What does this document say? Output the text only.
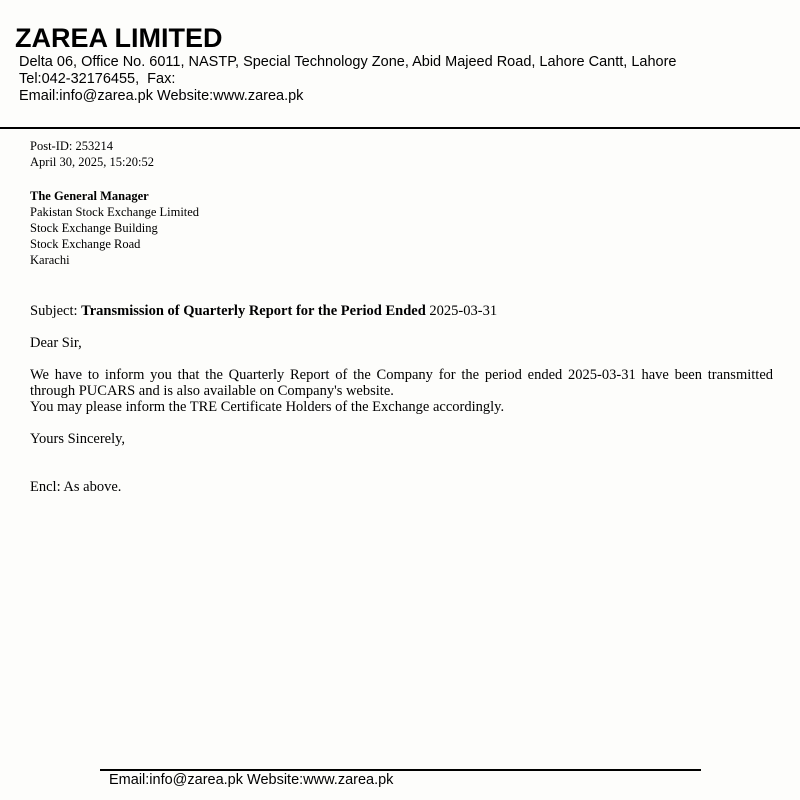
ZAREA LIMITED
Delta 06, Office No. 6011, NASTP, Special Technology Zone, Abid Majeed Road, Lahore Cantt, Lahore
Tel:042-32176455,  Fax:
Email:info@zarea.pk Website:www.zarea.pk
Post-ID: 253214
April 30, 2025, 15:20:52
The General Manager
Pakistan Stock Exchange Limited
Stock Exchange Building
Stock Exchange Road
Karachi
Subject: Transmission of Quarterly Report for the Period Ended 2025-03-31
Dear Sir,
We have to inform you that the Quarterly Report of the Company for the period ended 2025-03-31 have been transmitted through PUCARS and is also available on Company's website.
You may please inform the TRE Certificate Holders of the Exchange accordingly.
Yours Sincerely,
Encl: As above.
Email:info@zarea.pk Website:www.zarea.pk
